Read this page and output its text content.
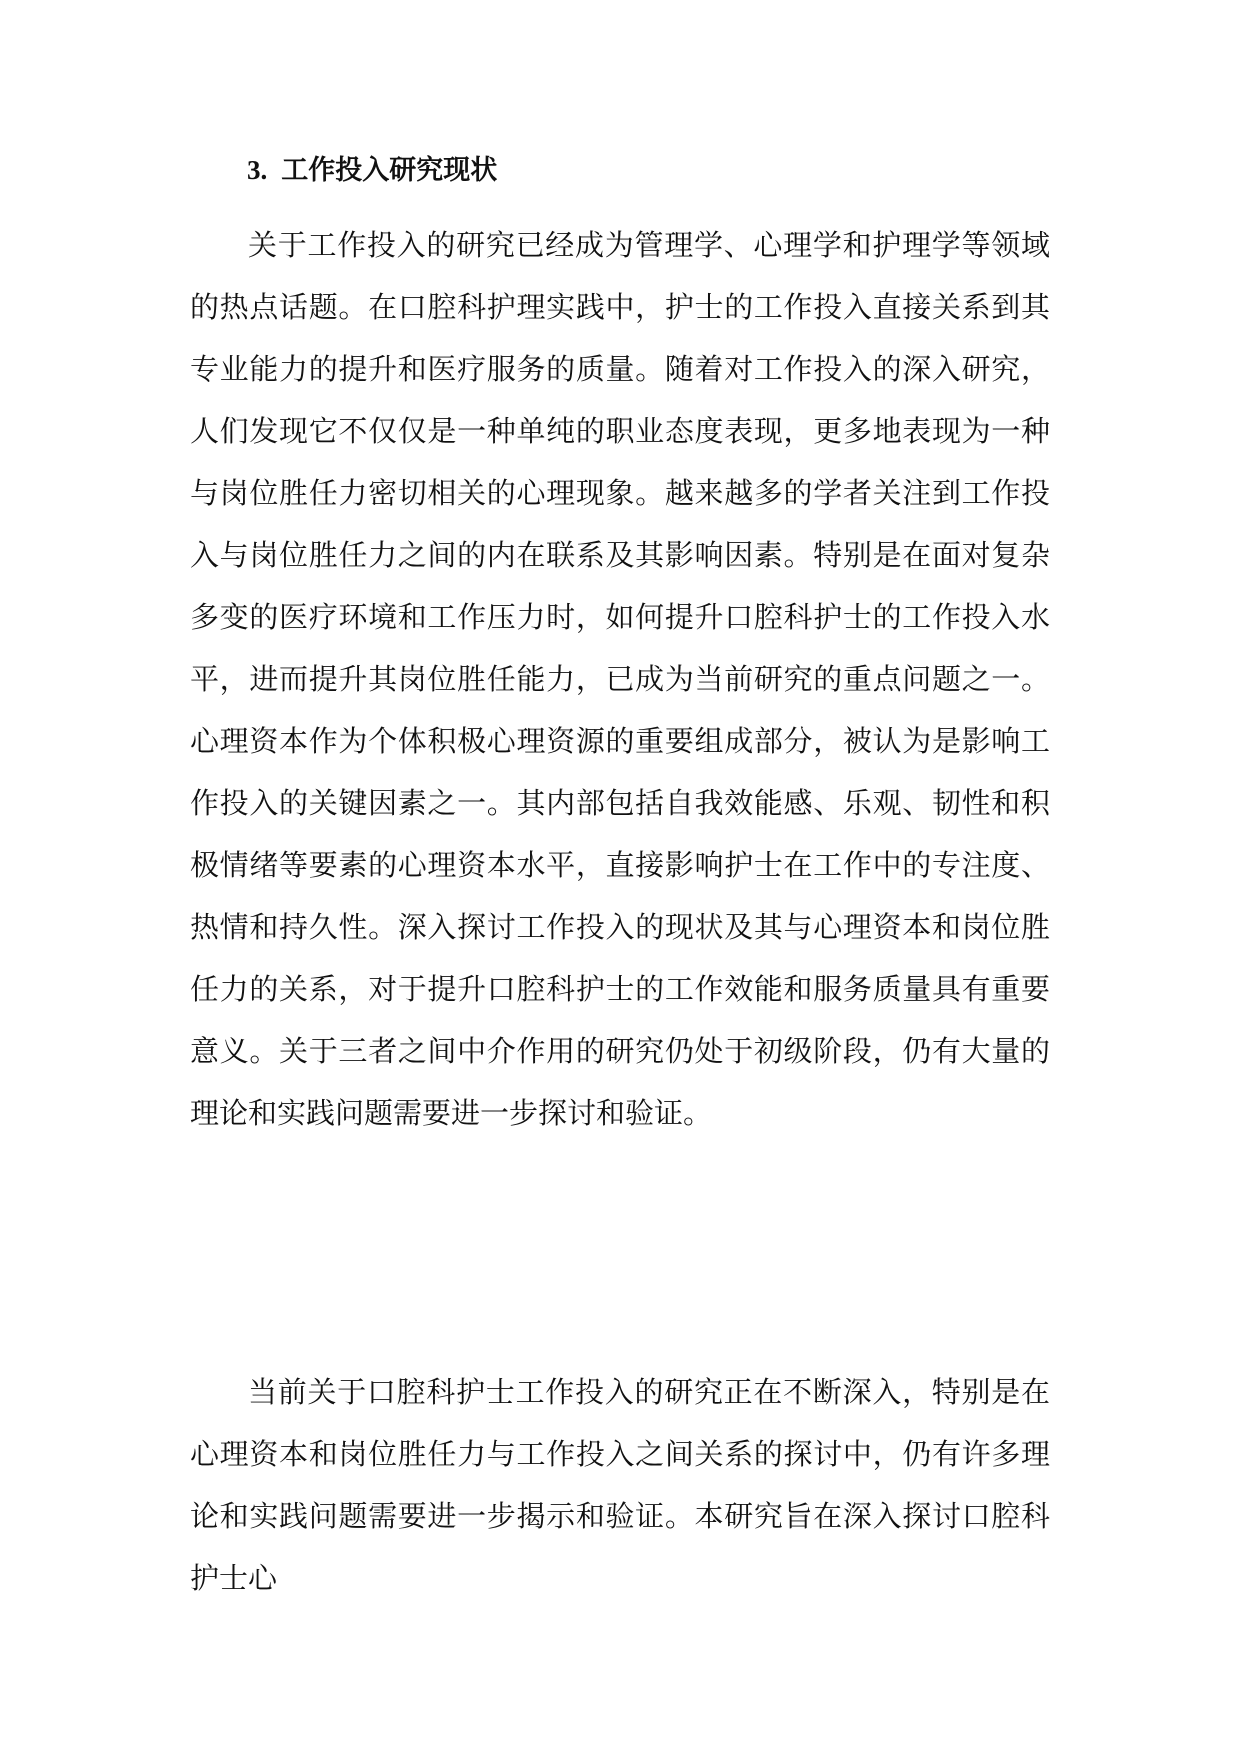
3. 工作投入研究现状

关于工作投入的研究已经成为管理学、心理学和护理学等领域的热点话题。在口腔科护理实践中，护士的工作投入直接关系到其专业能力的提升和医疗服务的质量。随着对工作投入的深入研究，人们发现它不仅仅是一种单纯的职业态度表现，更多地表现为一种与岗位胜任力密切相关的心理现象。越来越多的学者关注到工作投入与岗位胜任力之间的内在联系及其影响因素。特别是在面对复杂多变的医疗环境和工作压力时，如何提升口腔科护士的工作投入水平，进而提升其岗位胜任能力，已成为当前研究的重点问题之一。心理资本作为个体积极心理资源的重要组成部分，被认为是影响工作投入的关键因素之一。其内部包括自我效能感、乐观、韧性和积极情绪等要素的心理资本水平，直接影响护士在工作中的专注度、热情和持久性。深入探讨工作投入的现状及其与心理资本和岗位胜任力的关系，对于提升口腔科护士的工作效能和服务质量具有重要意义。关于三者之间中介作用的研究仍处于初级阶段，仍有大量的理论和实践问题需要进一步探讨和验证。

当前关于口腔科护士工作投入的研究正在不断深入，特别是在心理资本和岗位胜任力与工作投入之间关系的探讨中，仍有许多理论和实践问题需要进一步揭示和验证。本研究旨在深入探讨口腔科护士心
